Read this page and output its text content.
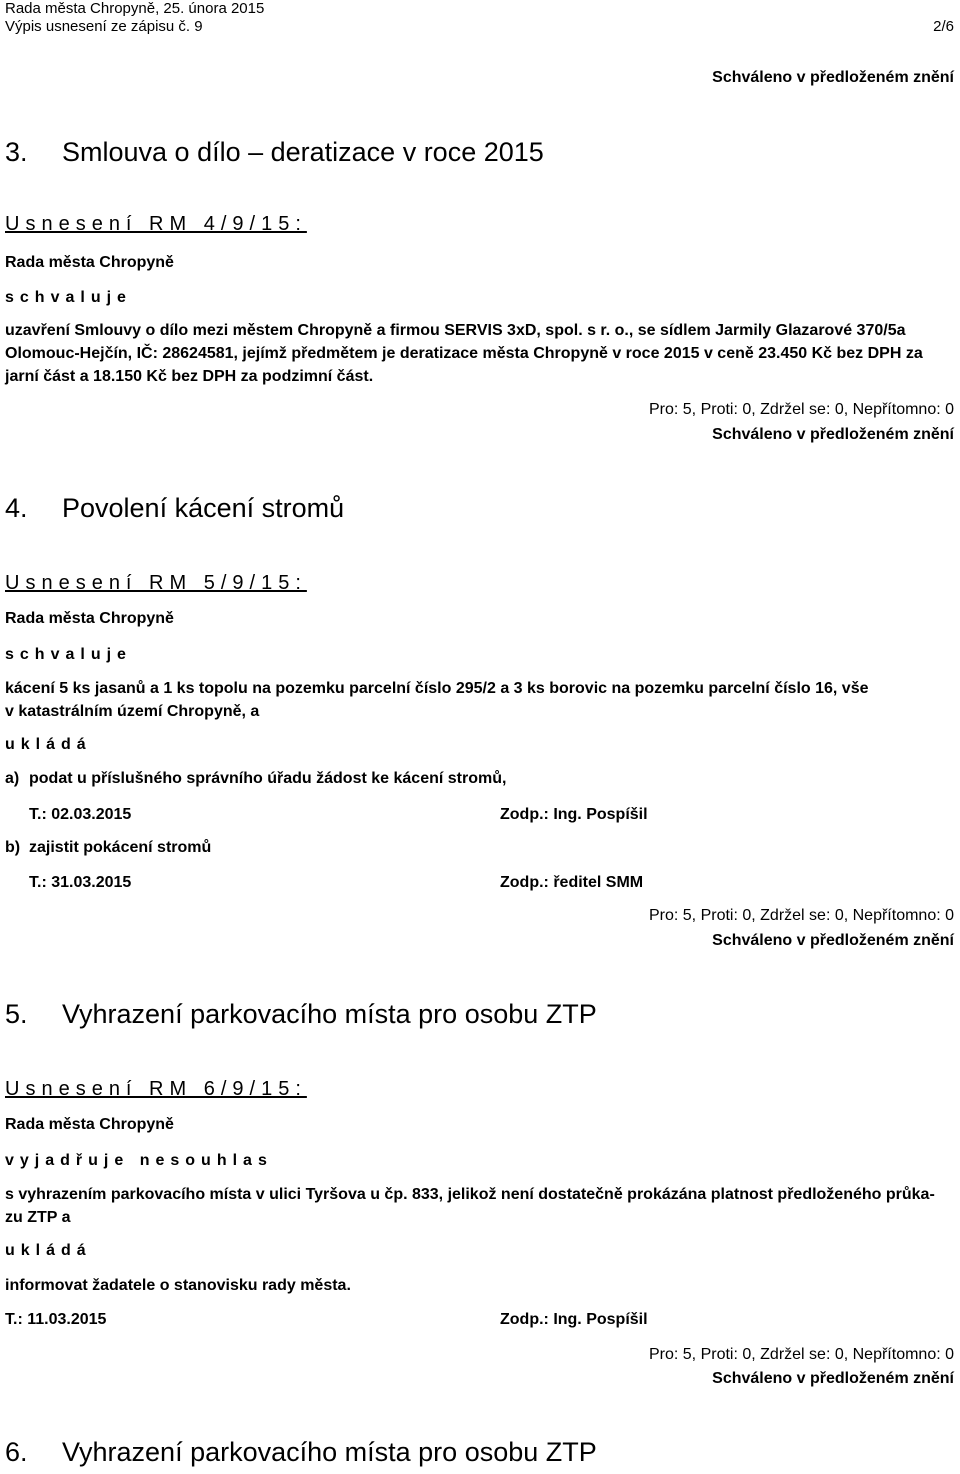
Rada města Chropyně, 25. února 2015
Výpis usnesení ze zápisu č. 9	2/6
Schváleno v předloženém znění
3. Smlouva o dílo – deratizace v roce 2015
Usnesení RM 4/9/15:
Rada města Chropyně
schvaluje
uzavření Smlouvy o dílo mezi městem Chropyně a firmou SERVIS 3xD, spol. s r. o., se sídlem Jarmily Glazarové 370/5a
Olomouc-Hejčín, IČ: 28624581, jejímž předmětem je deratizace města Chropyně v roce 2015 v ceně 23.450 Kč bez DPH za
jarní část a 18.150 Kč bez DPH za podzimní část.
Pro: 5, Proti: 0, Zdržel se: 0, Nepřítomno: 0
Schváleno v předloženém znění
4. Povolení kácení stromů
Usnesení RM 5/9/15:
Rada města Chropyně
schvaluje
kácení 5 ks jasanů a 1 ks topolu na pozemku parcelní číslo 295/2 a 3 ks borovic na pozemku parcelní číslo 16, vše
v katastrálním území Chropyně, a
ukládá
a) podat u příslušného správního úřadu žádost ke kácení stromů,
T.: 02.03.2015	Zodp.: Ing. Pospíšil
b) zajistit pokácení stromů
T.: 31.03.2015	Zodp.: ředitel SMM
Pro: 5, Proti: 0, Zdržel se: 0, Nepřítomno: 0
Schváleno v předloženém znění
5. Vyhrazení parkovacího místa pro osobu ZTP
Usnesení RM 6/9/15:
Rada města Chropyně
vyjadřuje nesouhlas
s vyhrazením parkovacího místa v ulici Tyršova u čp. 833, jelikož není dostatečně prokázána platnost předloženého průka-
zu ZTP a
ukládá
informovat žadatele o stanovisku rady města.
T.: 11.03.2015	Zodp.: Ing. Pospíšil
Pro: 5, Proti: 0, Zdržel se: 0, Nepřítomno: 0
Schváleno v předloženém znění
6. Vyhrazení parkovacího místa pro osobu ZTP
